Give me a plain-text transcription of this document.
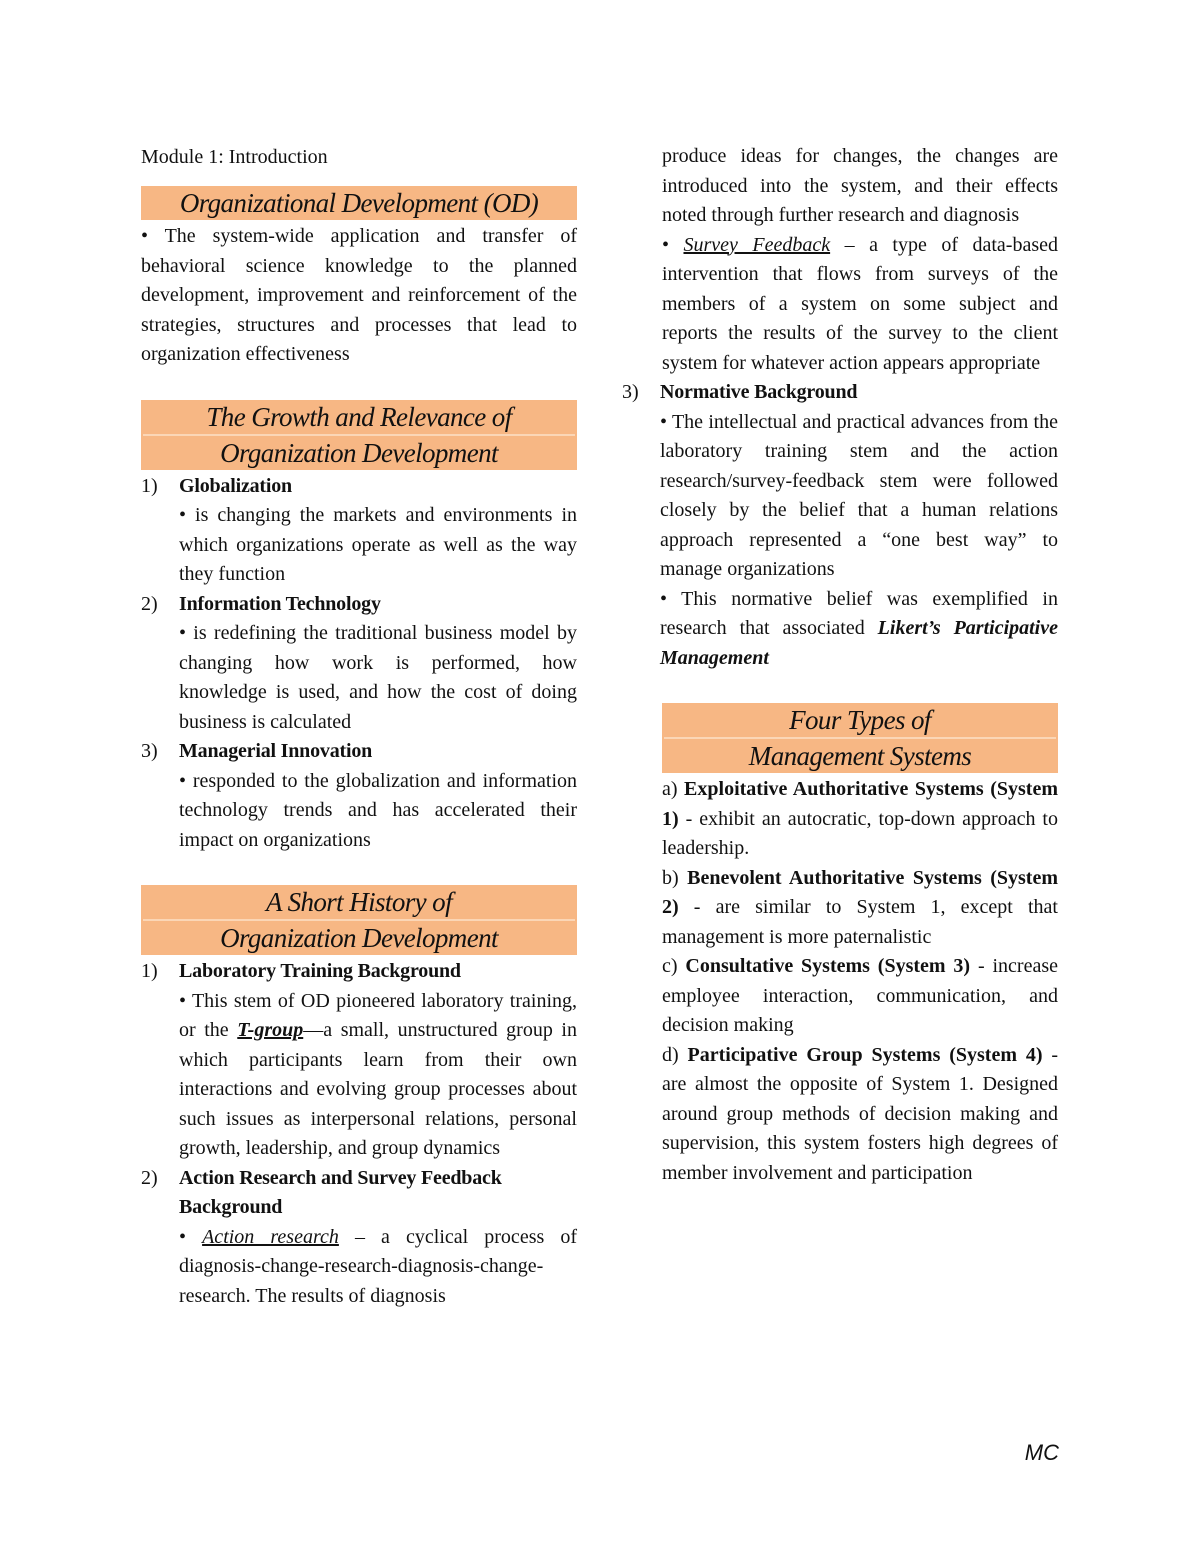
Module 1: Introduction
Organizational Development (OD)

• The system-wide application and transfer of behavioral science knowledge to the planned development, improvement and reinforcement of the strategies, structures and processes that lead to organization effectiveness

The Growth and Relevance of
Organization Development
1) Globalization

• is changing the markets and environments in which organizations operate as well as the way they function

2) Information Technology

• is redefining the traditional business model by changing how work is performed, how knowledge is used, and how the cost of doing business is calculated

3) Managerial Innovation

• responded to the globalization and information technology trends and has accelerated their impact on organizations

A Short History of
Organization Development
1) Laboratory Training Background

• This stem of OD pioneered laboratory training, or the T-group—a small, unstructured group in which participants learn from their own interactions and evolving group processes about such issues as interpersonal relations, personal growth, leadership, and group dynamics

2) Action Research and Survey Feedback Background

• Action research – a cyclical process of diagnosis-change-research-diagnosis-change-research. The results of diagnosis

produce ideas for changes, the changes are introduced into the system, and their effects noted through further research and diagnosis

• Survey Feedback – a type of data-based intervention that flows from surveys of the members of a system on some subject and reports the results of the survey to the client system for whatever action appears appropriate

3) Normative Background

• The intellectual and practical advances from the laboratory training stem and the action research/survey-feedback stem were followed closely by the belief that a human relations approach represented a “one best way” to manage organizations

• This normative belief was exemplified in research that associated Likert’s Participative Management

Four Types of
Management Systems

a) Exploitative Authoritative Systems (System 1) - exhibit an autocratic, top-down approach to leadership.

b) Benevolent Authoritative Systems (System 2) - are similar to System 1, except that management is more paternalistic

c) Consultative Systems (System 3) - increase employee interaction, communication, and decision making

d) Participative Group Systems (System 4) - are almost the opposite of System 1. Designed around group methods of decision making and supervision, this system fosters high degrees of member involvement and participation

MC
